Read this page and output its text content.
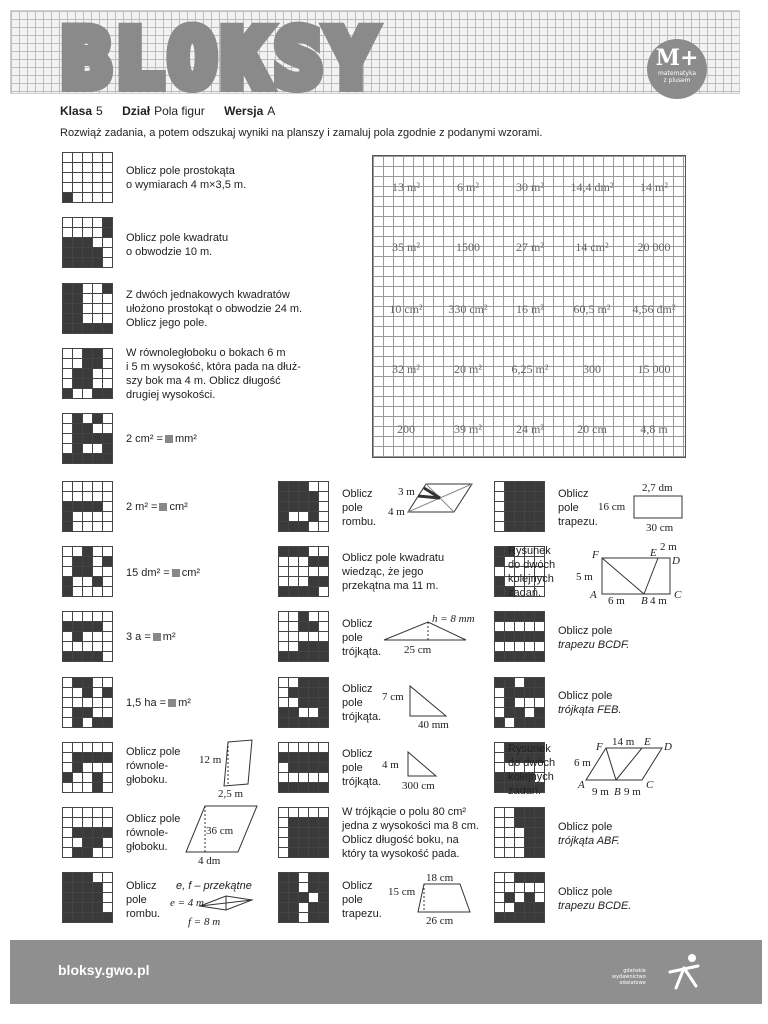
BLOKSY	M+
matematyka
z plusem
Klasa 5 Dział Pola figur Wersja A
Rozwiąż zadania, a potem odszukaj wyniki na planszy i zamaluj pola zgodnie z podanymi wzorami.
13 m²	6 m²	30 m²	14,4 dm²	14 m²
35 m²	1500	27 m²	14 cm²	20 000
10 cm²	330 cm²	16 m²	60,5 m²	4,56 dm²
32 m²	20 m²	6,25 m²	300	15 000
200	39 m²	24 m²	20 cm	4,8 m
Oblicz pole prostokąta
o wymiarach 4 m×3,5 m.
Oblicz pole kwadratu
o obwodzie 10 m.
Z dwóch jednakowych kwadratów
ułożono prostokąt o obwodzie 24 m.
Oblicz jego pole.
W równoległoboku o bokach 6 m
i 5 m wysokość, która pada na dłuż-
szy bok ma 4 m. Oblicz długość
drugiej wysokości.
2 cm² = mm²
2 m² = cm²
15 dm² = cm²
3 a = m²
1,5 ha = m²
Oblicz pole
równole-
głoboku.
Oblicz pole
równole-
głoboku.
Oblicz
pole
rombu.
e, f – przekątne
Oblicz
pole
rombu.
Oblicz pole kwadratu
wiedząc, że jego
przekątna ma 11 m.
Oblicz
pole
trójkąta.
Oblicz
pole
trójkąta.
Oblicz
pole
trójkąta.
W trójkącie o polu 80 cm²
jedna z wysokości ma 8 cm.
Oblicz długość boku, na
który ta wysokość pada.
Oblicz
pole
trapezu.
Oblicz
pole
trapezu.
Rysunek
do dwóch
kolejnych
zadań.
Oblicz pole
trapezu BCDF.
Oblicz pole
trójkąta FEB.
Rysunek
do dwóch
kolejnych
zadań.
Oblicz pole
trójkąta ABF.
Oblicz pole
trapezu BCDE.
12 m
2,5 m
36 cm
4 dm
e = 4 m
f = 8 m
3 m
4 m
h = 8 mm
25 cm
7 cm
40 mm
4 m
300 cm
18 cm
15 cm
26 cm
2,7 dm
16 cm
30 cm
F	E
D
2 m
5 m
A 6 m B 4 m C
F 14 m E D
6 m
A
9 m B 9 m
C
bloksy.gwo.pl	gdańskie
wydawnictwo
oświatowe
